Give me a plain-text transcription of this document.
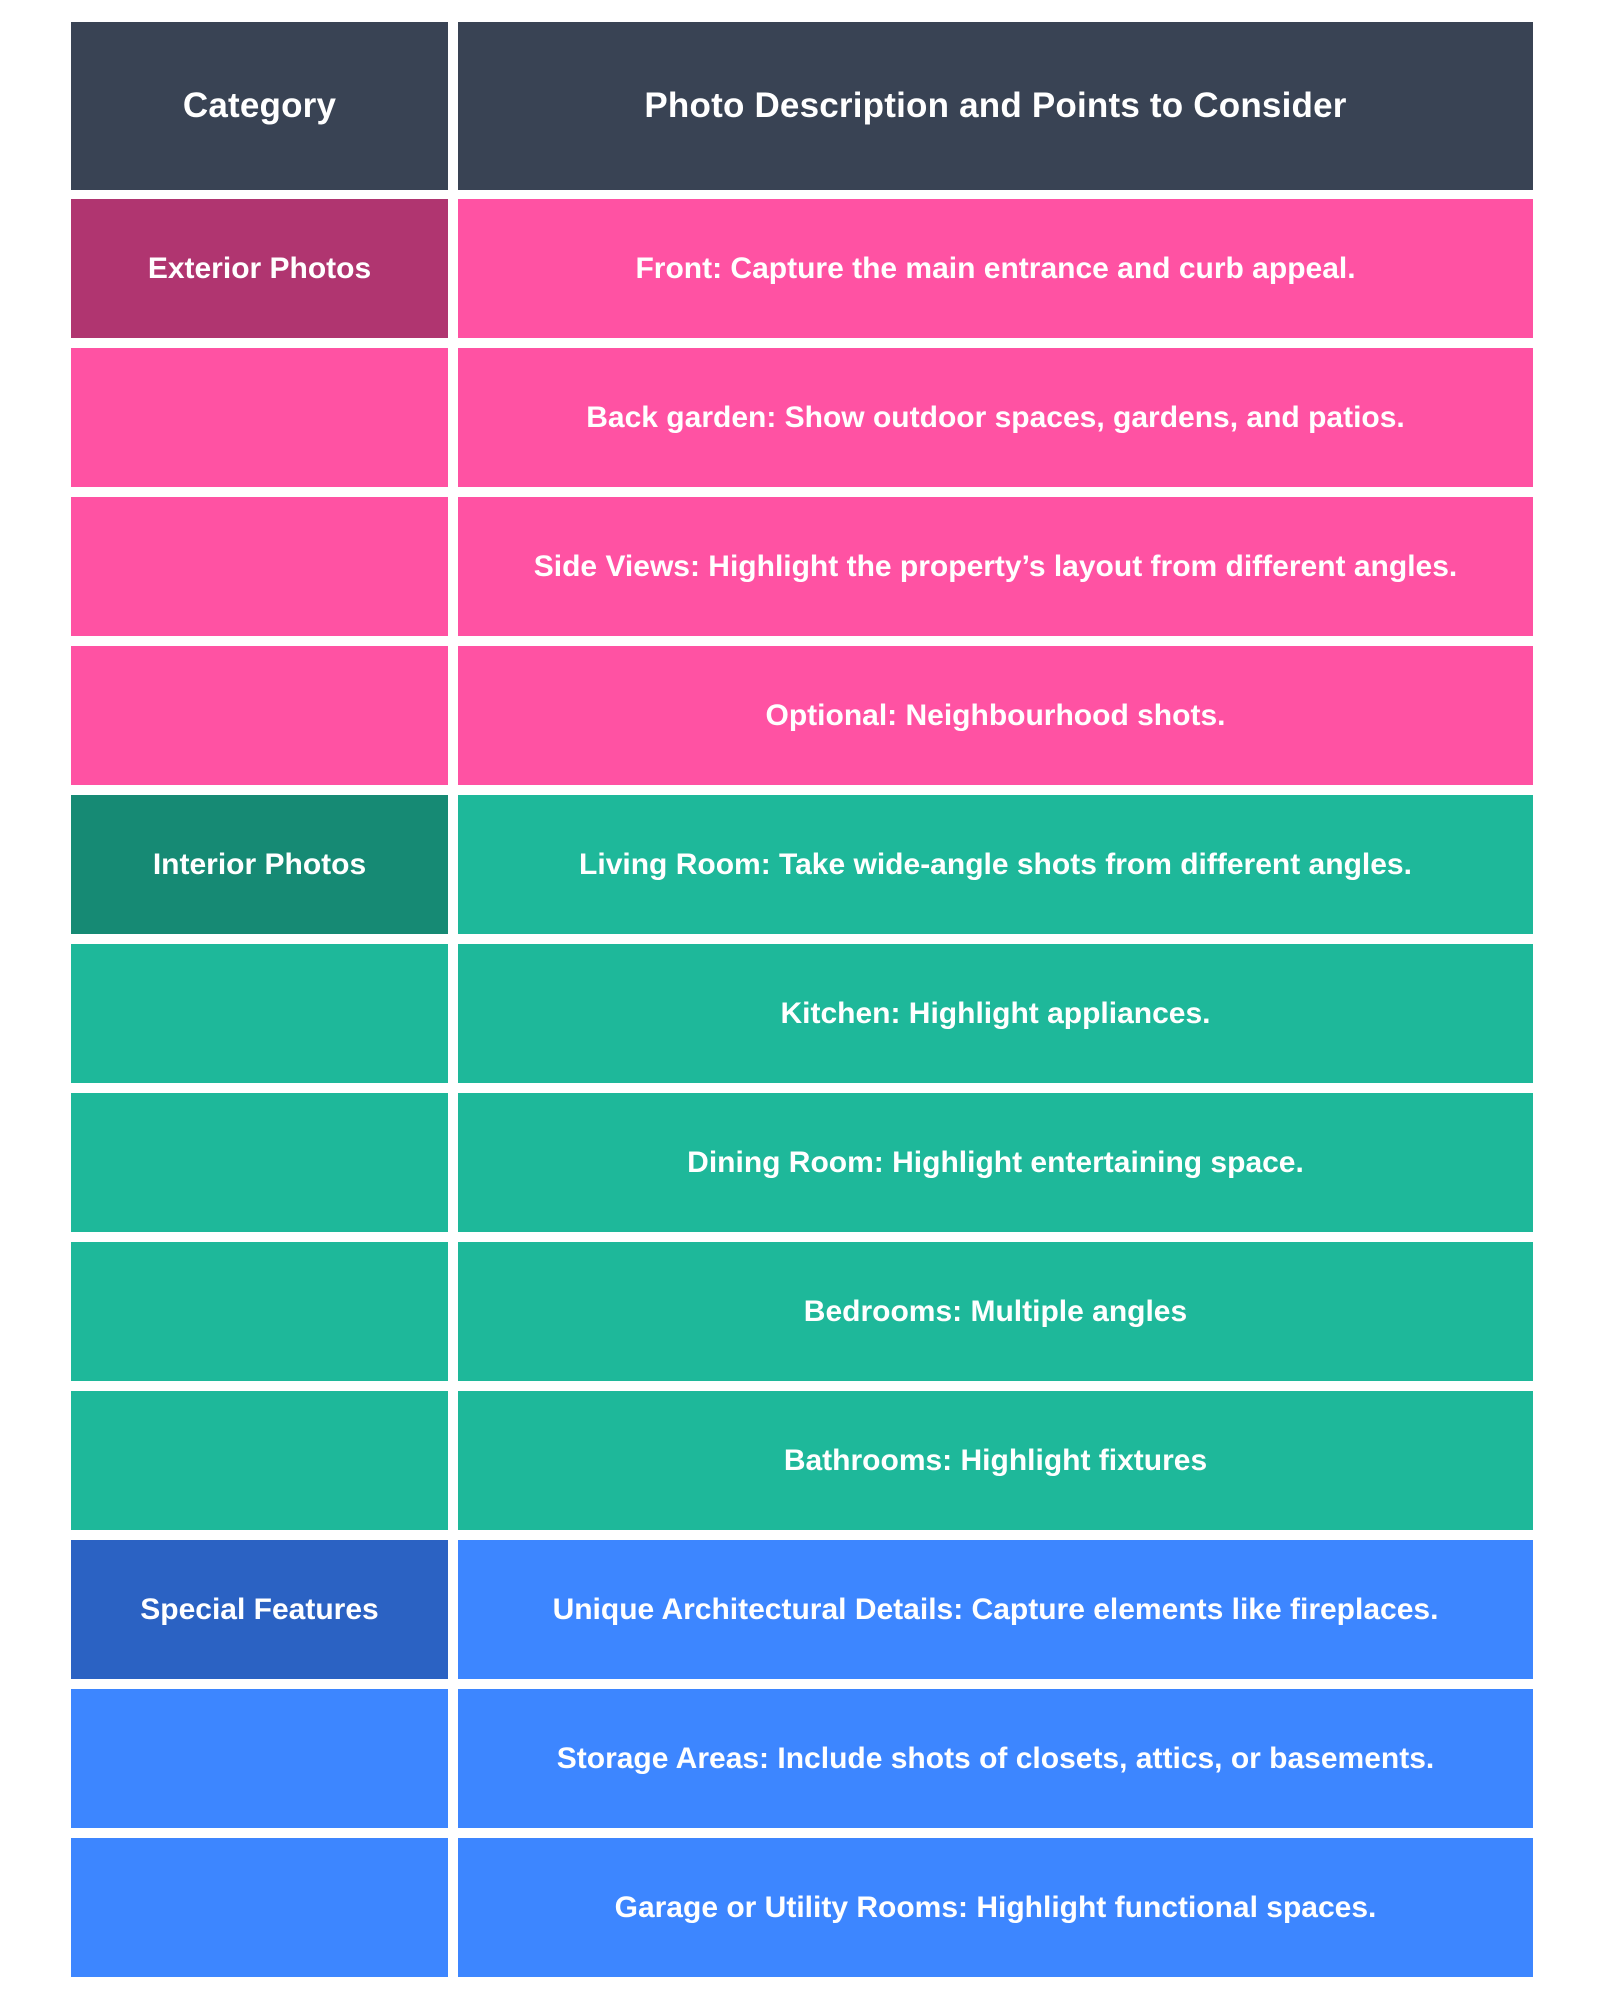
Category	Photo Description and Points to Consider
Exterior Photos	Front: Capture the main entrance and curb appeal.
Back garden: Show outdoor spaces, gardens, and patios.
Side Views: Highlight the property’s layout from different angles.
Optional: Neighbourhood shots.
Interior Photos	Living Room: Take wide-angle shots from different angles.
Kitchen: Highlight appliances.
Dining Room: Highlight entertaining space.
Bedrooms: Multiple angles
Bathrooms: Highlight fixtures
Special Features	Unique Architectural Details: Capture elements like fireplaces.
Storage Areas: Include shots of closets, attics, or basements.
Garage or Utility Rooms: Highlight functional spaces.
